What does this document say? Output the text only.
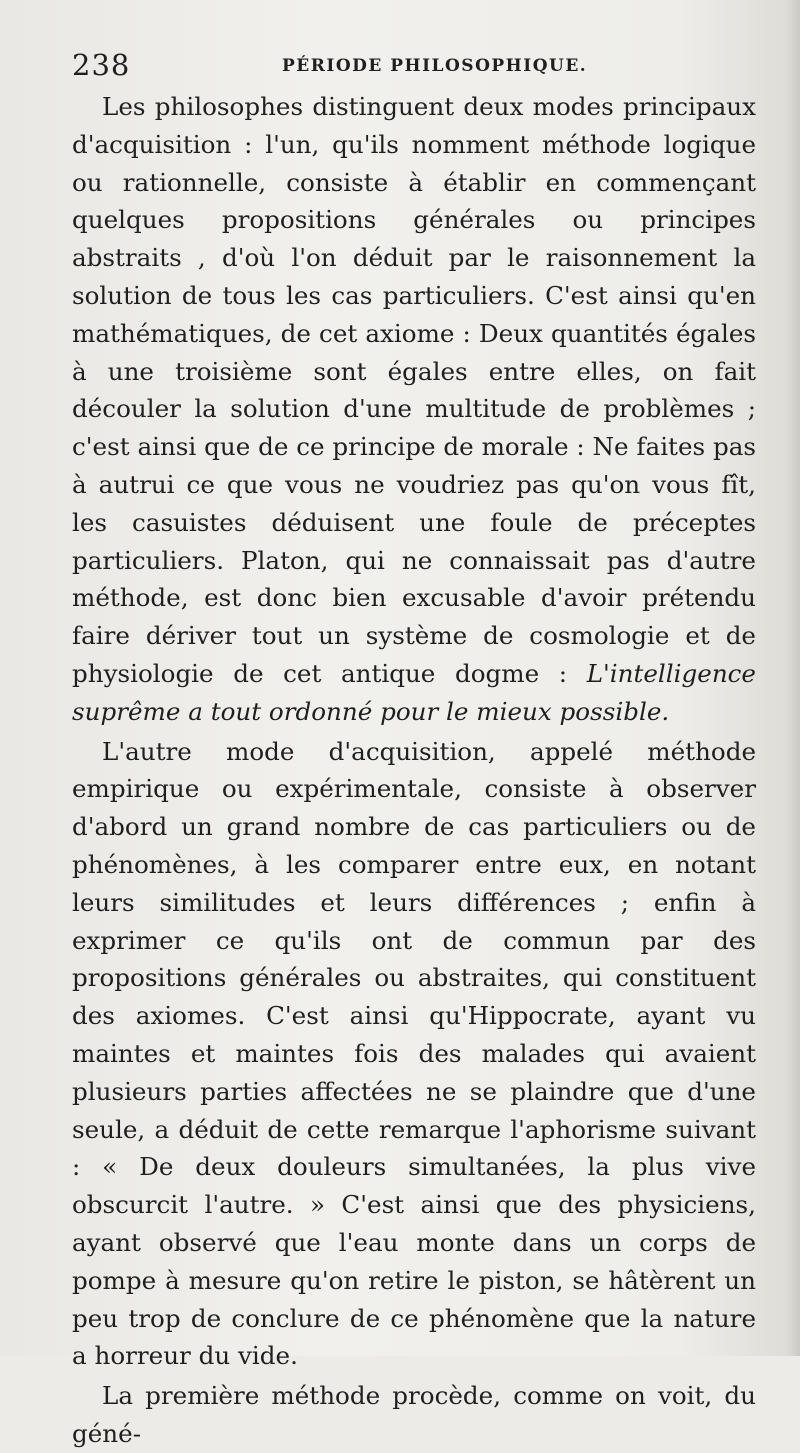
238	PÉRIODE PHILOSOPHIQUE.

Les philosophes distinguent deux modes principaux d'acquisition : l'un, qu'ils nomment méthode logique ou rationnelle, consiste à établir en commençant quelques propositions générales ou principes abstraits , d'où l'on déduit par le raisonnement la solution de tous les cas particuliers. C'est ainsi qu'en mathématiques, de cet axiome : Deux quantités égales à une troisième sont égales entre elles, on fait découler la solution d'une multitude de problèmes ; c'est ainsi que de ce principe de morale : Ne faites pas à autrui ce que vous ne voudriez pas qu'on vous fît, les casuistes déduisent une foule de préceptes particuliers. Platon, qui ne connaissait pas d'autre méthode, est donc bien excusable d'avoir prétendu faire dériver tout un système de cosmologie et de physiologie de cet antique dogme : L'intelligence suprême a tout ordonné pour le mieux possible.

L'autre mode d'acquisition, appelé méthode empirique ou expérimentale, consiste à observer d'abord un grand nombre de cas particuliers ou de phénomènes, à les comparer entre eux, en notant leurs similitudes et leurs différences ; enfin à exprimer ce qu'ils ont de commun par des propositions générales ou abstraites, qui constituent des axiomes. C'est ainsi qu'Hippocrate, ayant vu maintes et maintes fois des malades qui avaient plusieurs parties affectées ne se plaindre que d'une seule, a déduit de cette remarque l'aphorisme suivant : « De deux douleurs simultanées, la plus vive obscurcit l'autre. » C'est ainsi que des physiciens, ayant observé que l'eau monte dans un corps de pompe à mesure qu'on retire le piston, se hâtèrent un peu trop de conclure de ce phénomène que la nature a horreur du vide.

La première méthode procède, comme on voit, du géné-
